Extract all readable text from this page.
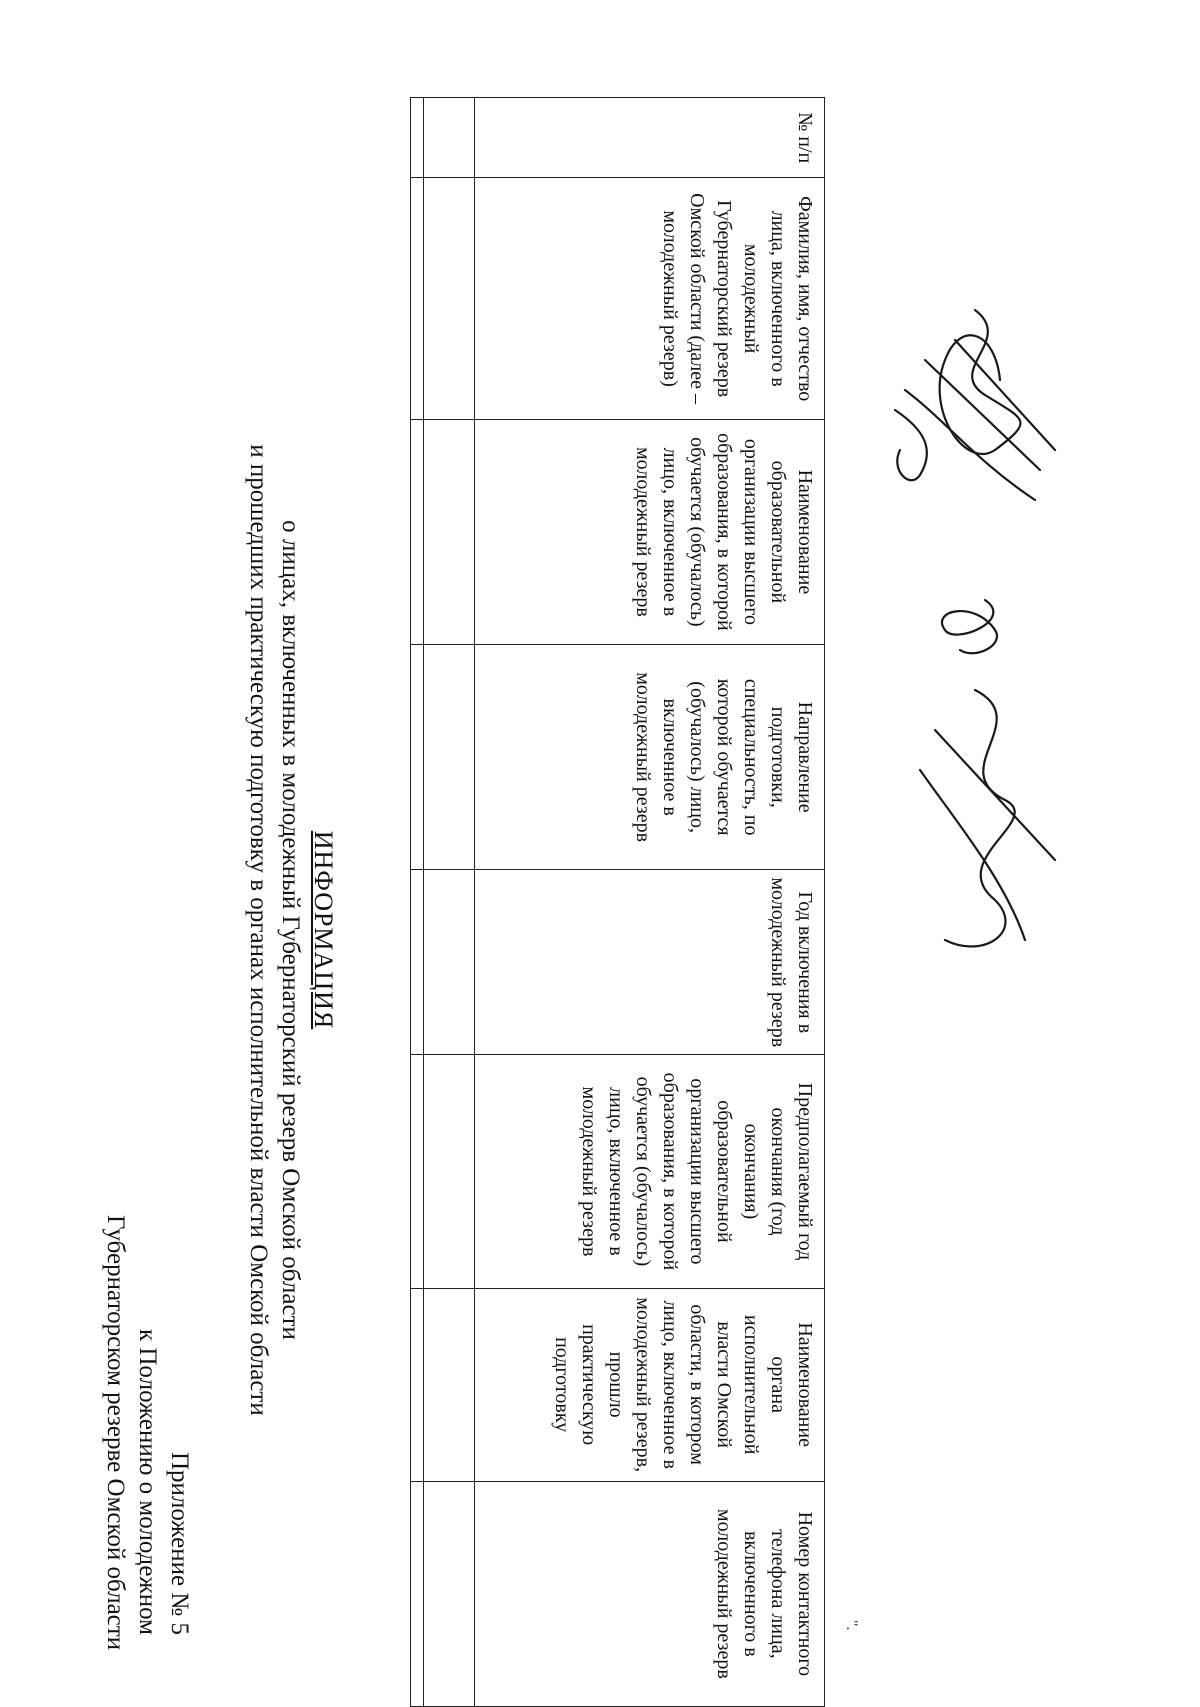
Приложение № 5
к Положению о молодежном
Губернаторском резерве Омской области
ИНФОРМАЦИЯ
о лицах, включенных в молодежный Губернаторский резерв Омской области
и прошедших практическую подготовку в органах исполнительной власти Омской области
№ п/п	Фамилия, имя, отчество лица, включенного в молодежный Губернаторский резерв Омской области (далее – молодежный резерв)	Наименование образовательной организации высшего образования, в которой обучается (обучалось) лицо, включенное в молодежный резерв	Направление подготовки, специальность, по которой обучается (обучалось) лицо, включенное в молодежный резерв	Год включения в молодежный резерв	Предполагаемый год окончания (год окончания) образовательной организации высшего образования, в которой обучается (обучалось) лицо, включенное в молодежный резерв	Наименование органа исполнительной власти Омской области, в котором лицо, включенное в молодежный резерв, прошло практическую подготовку	Номер контактного телефона лица, включенного в молодежный резерв

								".
